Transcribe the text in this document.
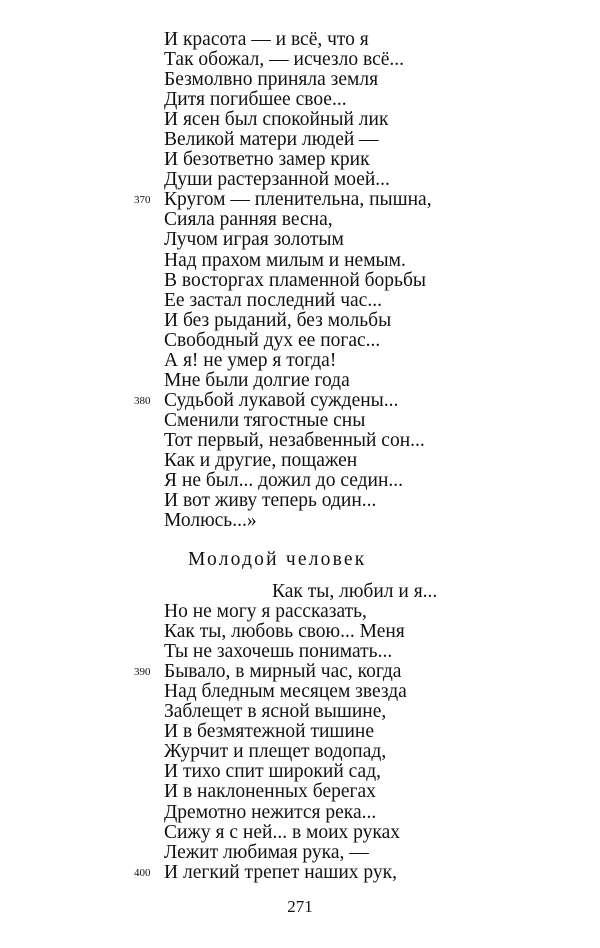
И красота — и всё, что я
Так обожал, — исчезло всё...
Безмолвно приняла земля
Дитя погибшее свое...
И ясен был спокойный лик
Великой матери людей —
И безответно замер крик
Души растерзанной моей...
370 Кругом — пленительна, пышна,
Сияла ранняя весна,
Лучом играя золотым
Над прахом милым и немым.
В восторгах пламенной борьбы
Ее застал последний час...
И без рыданий, без мольбы
Свободный дух ее погас...
А я! не умер я тогда!
Мне были долгие года
380 Судьбой лукавой суждены...
Сменили тягостные сны
Тот первый, незабвенный сон...
Как и другие, пощажен
Я не был... дожил до седин...
И вот живу теперь один...
Молюсь...»
Молодой человек
Как ты, любил и я...
Но не могу я рассказать,
Как ты, любовь свою... Меня
Ты не захочешь понимать...
390 Бывало, в мирный час, когда
Над бледным месяцем звезда
Заблещет в ясной вышине,
И в безмятежной тишине
Журчит и плещет водопад,
И тихо спит широкий сад,
И в наклоненных берегах
Дремотно нежится река...
Сижу я с ней... в моих руках
Лежит любимая рука, —
400 И легкий трепет наших рук,
271
